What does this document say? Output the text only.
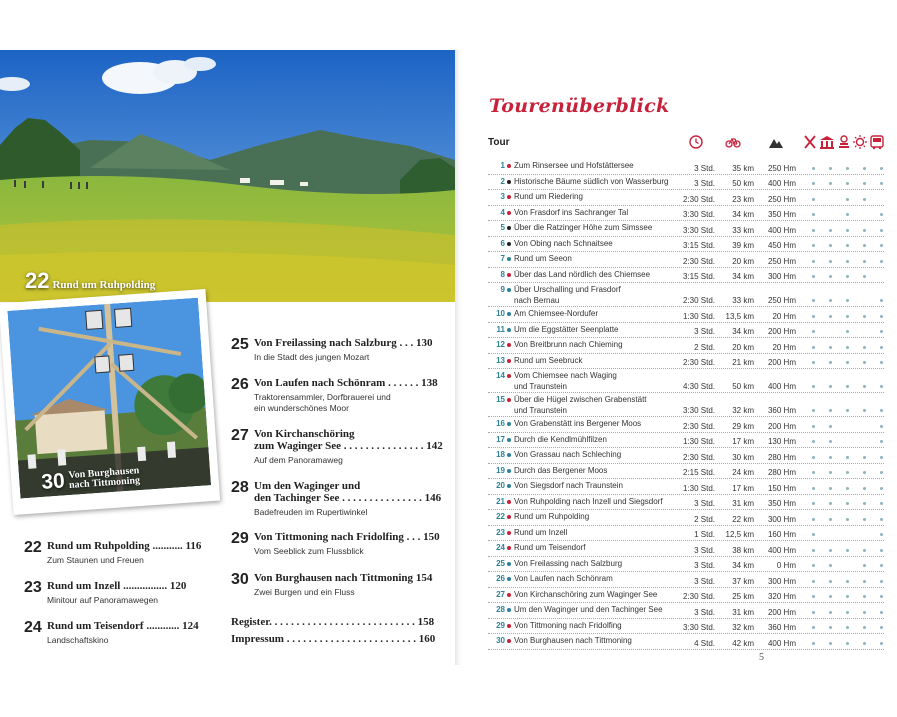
22 Rund um Ruhpolding
30 Von Burghausen nach Tittmoning
22 Rund um Ruhpolding ........... 116
Zum Staunen und Freuen
23 Rund um Inzell ................ 120
Minitour auf Panoramawegen
24 Rund um Teisendorf ............ 124
Landschaftskino
25 Von Freilassing nach Salzburg . . . 130
In die Stadt des jungen Mozart
26 Von Laufen nach Schönram . . . . . . 138
Traktorensammler, Dorfbrauerei und
ein wunderschönes Moor
27 Von Kirchanschöring
zum Waginger See . . . . . . . . . . . . . . . 142
Auf dem Panoramaweg
28 Um den Waginger und
den Tachinger See . . . . . . . . . . . . . . . 146
Badefreuden im Rupertiwinkel
29 Von Tittmoning nach Fridolfing . . . 150
Vom Seeblick zum Flussblick
30 Von Burghausen nach Tittmoning 154
Zwei Burgen und ein Fluss
Register. . . . . . . . . . . . . . . . . . . . . . . . . . . 158
Impressum . . . . . . . . . . . . . . . . . . . . . . . . 160
Tourenüberblick
Tour
1 Zum Rinsersee und Hofstättersee	3 Std.	35 km	250 Hm
2 Historische Bäume südlich von Wasserburg	3 Std.	50 km	400 Hm
3 Rund um Riedering	2:30 Std.	23 km	250 Hm
4 Von Frasdorf ins Sachranger Tal	3:30 Std.	34 km	350 Hm
5 Über die Ratzinger Höhe zum Simssee	3:30 Std.	33 km	400 Hm
6 Von Obing nach Schnaitsee	3:15 Std.	39 km	450 Hm
7 Rund um Seeon	2:30 Std.	20 km	250 Hm
8 Über das Land nördlich des Chiemsee	3:15 Std.	34 km	300 Hm
9 Über Urschalling und Frasdorf
nach Bernau	2:30 Std.	33 km	250 Hm
10 Am Chiemsee-Nordufer	1:30 Std.	13,5 km	20 Hm
11 Um die Eggstätter Seenplatte	3 Std.	34 km	200 Hm
12 Von Breitbrunn nach Chieming	2 Std.	20 km	20 Hm
13 Rund um Seebruck	2:30 Std.	21 km	200 Hm
14 Vom Chiemsee nach Waging
und Traunstein	4:30 Std.	50 km	400 Hm
15 Über die Hügel zwischen Grabenstätt
und Traunstein	3:30 Std.	32 km	360 Hm
16 Von Grabenstätt ins Bergener Moos	2:30 Std.	29 km	200 Hm
17 Durch die Kendlmühlfilzen	1:30 Std.	17 km	130 Hm
18 Von Grassau nach Schleching	2:30 Std.	30 km	280 Hm
19 Durch das Bergener Moos	2:15 Std.	24 km	280 Hm
20 Von Siegsdorf nach Traunstein	1:30 Std.	17 km	150 Hm
21 Von Ruhpolding nach Inzell und Siegsdorf	3 Std.	31 km	350 Hm
22 Rund um Ruhpolding	2 Std.	22 km	300 Hm
23 Rund um Inzell	1 Std.	12,5 km	160 Hm
24 Rund um Teisendorf	3 Std.	38 km	400 Hm
25 Von Freilassing nach Salzburg	3 Std.	34 km	0 Hm
26 Von Laufen nach Schönram	3 Std.	37 km	300 Hm
27 Von Kirchanschöring zum Waginger See	2:30 Std.	25 km	320 Hm
28 Um den Waginger und den Tachinger See	3 Std.	31 km	200 Hm
29 Von Tittmoning nach Fridolfing	3:30 Std.	32 km	360 Hm
30 Von Burghausen nach Tittmoning	4 Std.	42 km	400 Hm
5
